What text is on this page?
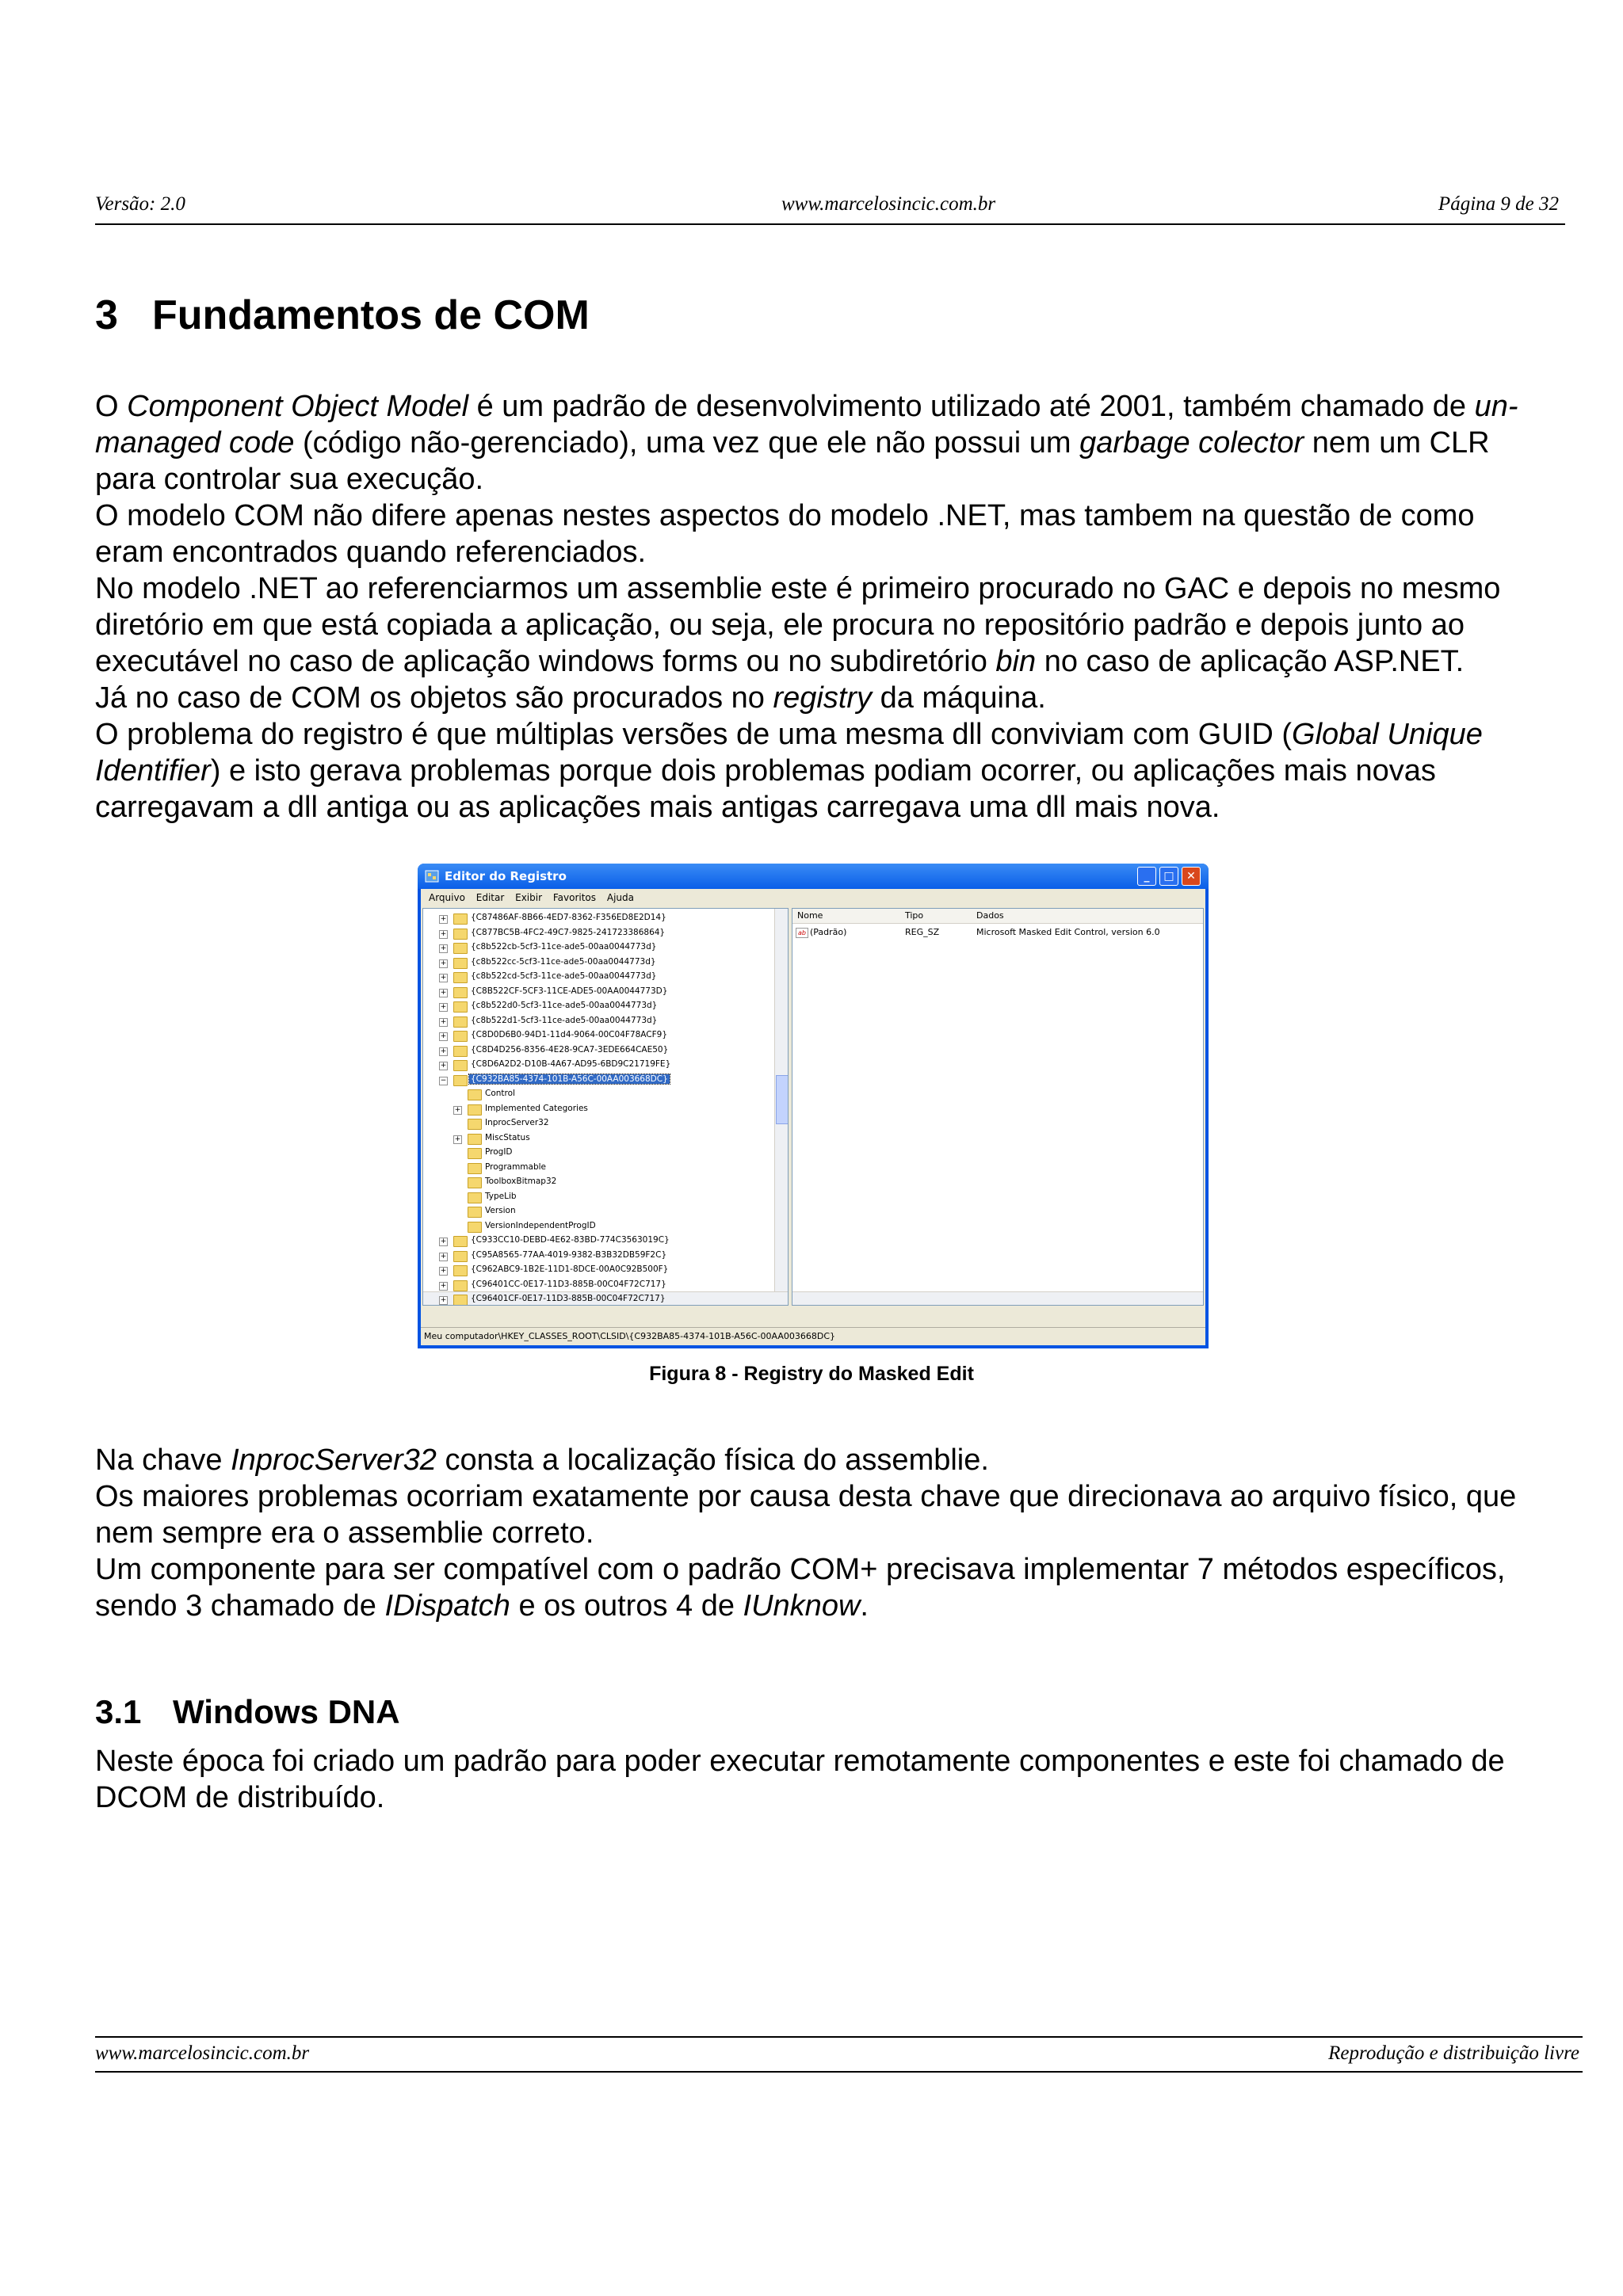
Versão: 2.0	www.marcelosincic.com.br	Página 9 de 32
3 Fundamentos de COM

O Component Object Model é um padrão de desenvolvimento utilizado até 2001, também chamado de un-managed code (código não-gerenciado), uma vez que ele não possui um garbage colector nem um CLR para controlar sua execução.

O modelo COM não difere apenas nestes aspectos do modelo .NET, mas tambem na questão de como eram encontrados quando referenciados.

No modelo .NET ao referenciarmos um assemblie este é primeiro procurado no GAC e depois no mesmo diretório em que está copiada a aplicação, ou seja, ele procura no repositório padrão e depois junto ao executável no caso de aplicação windows forms ou no subdiretório bin no caso de aplicação ASP.NET.

Já no caso de COM os objetos são procurados no registry da máquina.

O problema do registro é que múltiplas versões de uma mesma dll conviviam com GUID (Global Unique Identifier) e isto gerava problemas porque dois problemas podiam ocorrer, ou aplicações mais novas carregavam a dll antiga ou as aplicações mais antigas carregava uma dll mais nova.

Editor do Registro	_	□	✕
Arquivo Editar Exibir Favoritos Ajuda
+	{C87486AF-8B66-4ED7-8362-F356ED8E2D14}
+	{C877BC5B-4FC2-49C7-9825-241723386864}
+	{c8b522cb-5cf3-11ce-ade5-00aa0044773d}
+	{c8b522cc-5cf3-11ce-ade5-00aa0044773d}
+	{c8b522cd-5cf3-11ce-ade5-00aa0044773d}
+	{C8B522CF-5CF3-11CE-ADE5-00AA0044773D}
+	{c8b522d0-5cf3-11ce-ade5-00aa0044773d}
+	{c8b522d1-5cf3-11ce-ade5-00aa0044773d}
+	{C8D0D6B0-94D1-11d4-9064-00C04F78ACF9}
+	{C8D4D256-8356-4E28-9CA7-3EDE664CAE50}
+	{C8D6A2D2-D10B-4A67-AD95-6BD9C21719FE}
−	{C932BA85-4374-101B-A56C-00AA003668DC}
Control
+	Implemented Categories
InprocServer32
+	MiscStatus
ProgID
Programmable
ToolboxBitmap32
TypeLib
Version
VersionIndependentProgID
+	{C933CC10-DEBD-4E62-83BD-774C3563019C}
+	{C95A8565-77AA-4019-9382-B3B32DB59F2C}
+	{C962ABC9-1B2E-11D1-8DCE-00A0C92B500F}
+	{C96401CC-0E17-11D3-885B-00C04F72C717}
+	{C96401CF-0E17-11D3-885B-00C04F72C717}
Nome	Tipo	Dados
ab (Padrão)	REG_SZ	Microsoft Masked Edit Control, version 6.0
Meu computador\HKEY_CLASSES_ROOT\CLSID\{C932BA85-4374-101B-A56C-00AA003668DC}
Figura 8 - Registry do Masked Edit

Na chave InprocServer32 consta a localização física do assemblie.

Os maiores problemas ocorriam exatamente por causa desta chave que direcionava ao arquivo físico, que nem sempre era o assemblie correto.

Um componente para ser compatível com o padrão COM+ precisava implementar 7 métodos específicos, sendo 3 chamado de IDispatch e os outros 4 de IUnknow.

3.1 Windows DNA
Neste época foi criado um padrão para poder executar remotamente componentes e este foi chamado de DCOM de distribuído.
www.marcelosincic.com.br	Reprodução e distribuição livre
